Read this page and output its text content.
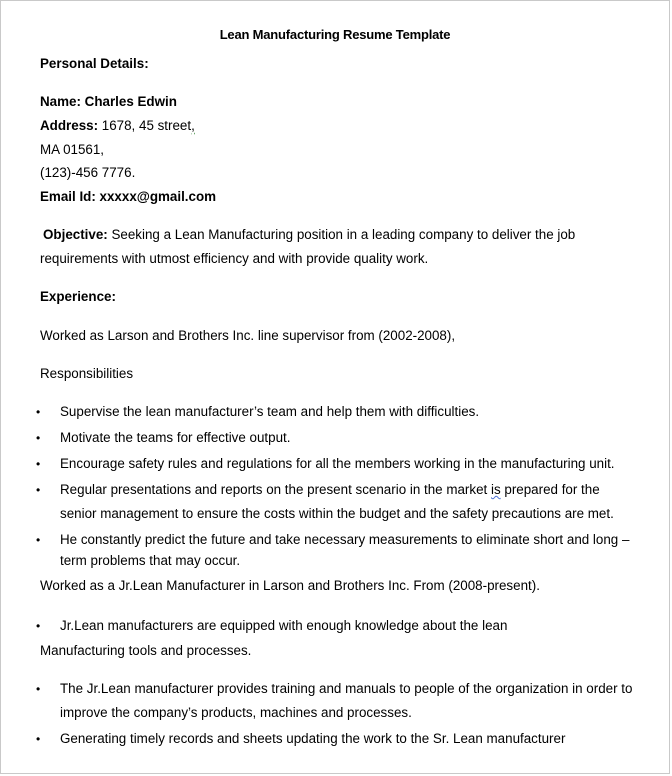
Lean Manufacturing Resume Template
Personal Details:
Name: Charles Edwin
Address: 1678, 45 street,
MA 01561,
(123)-456 7776.
Email Id: xxxxx@gmail.com
Objective: Seeking a Lean Manufacturing position in a leading company to deliver the job
requirements with utmost efficiency and with provide quality work.
Experience:
Worked as Larson and Brothers Inc. line supervisor from (2002-2008),
Responsibilities
• Supervise the lean manufacturer’s team and help them with difficulties.
• Motivate the teams for effective output.
• Encourage safety rules and regulations for all the members working in the manufacturing unit.
• Regular presentations and reports on the present scenario in the market is prepared for the
senior management to ensure the costs within the budget and the safety precautions are met.
• He constantly predict the future and take necessary measurements to eliminate short and long –
term problems that may occur.
Worked as a Jr.Lean Manufacturer in Larson and Brothers Inc. From (2008-present).
• Jr.Lean manufacturers are equipped with enough knowledge about the lean
Manufacturing tools and processes.
• The Jr.Lean manufacturer provides training and manuals to people of the organization in order to
improve the company’s products, machines and processes.
• Generating timely records and sheets updating the work to the Sr. Lean manufacturer
